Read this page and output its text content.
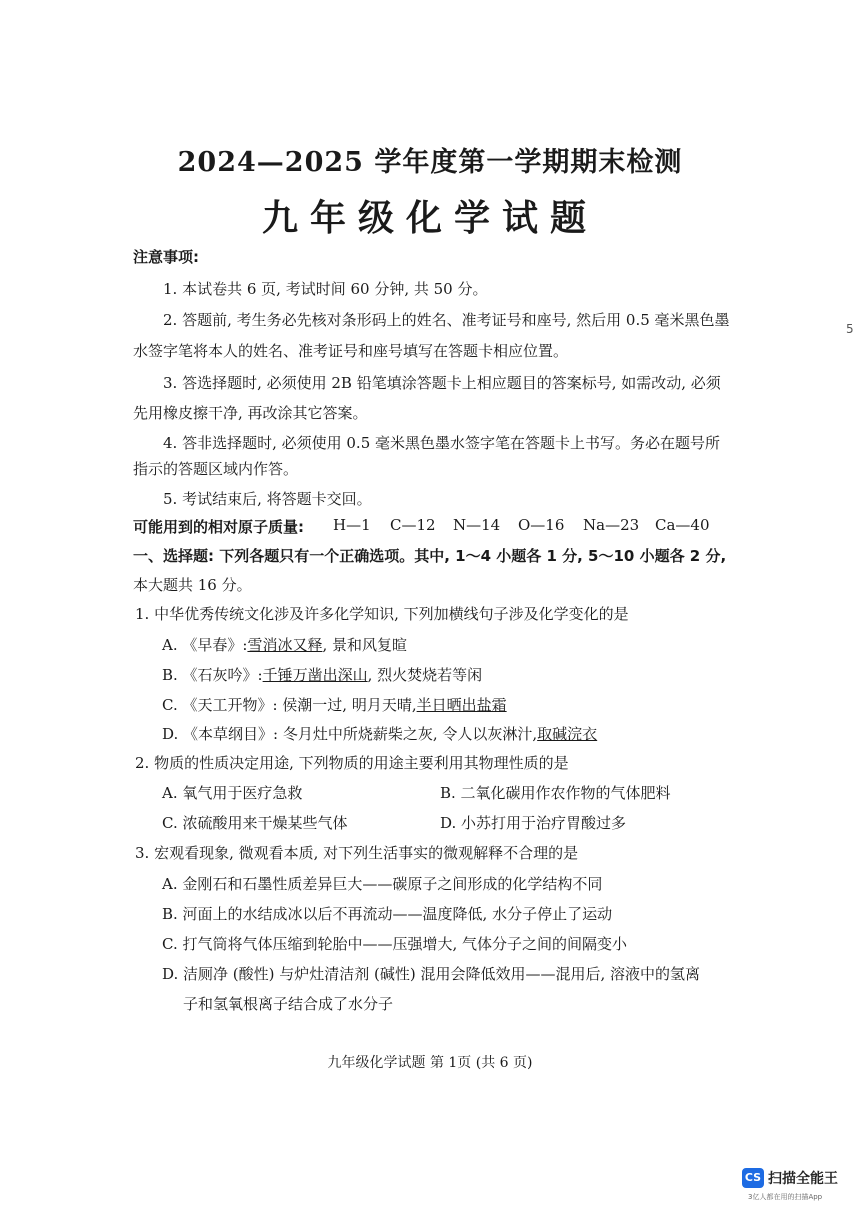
2024—2025 学年度第一学期期末检测
九年级化学试题
注意事项:
1. 本试卷共 6 页, 考试时间 60 分钟, 共 50 分。
2. 答题前, 考生务必先核对条形码上的姓名、准考证号和座号, 然后用 0.5 毫米黑色墨
水签字笔将本人的姓名、准考证号和座号填写在答题卡相应位置。
3. 答选择题时, 必须使用 2B 铅笔填涂答题卡上相应题目的答案标号, 如需改动, 必须
先用橡皮擦干净, 再改涂其它答案。
4. 答非选择题时, 必须使用 0.5 毫米黑色墨水签字笔在答题卡上书写。务必在题号所
指示的答题区域内作答。
5. 考试结束后, 将答题卡交回。
可能用到的相对原子质量: H—1 C—12 N—14 O—16 Na—23 Ca—40
一、选择题: 下列各题只有一个正确选项。其中, 1～4 小题各 1 分, 5～10 小题各 2 分,
本大题共 16 分。
1. 中华优秀传统文化涉及许多化学知识, 下列加横线句子涉及化学变化的是
A. 《早春》:雪消冰又释, 景和风复暄
B. 《石灰吟》:千锤万凿出深山, 烈火焚烧若等闲
C. 《天工开物》: 侯潮一过, 明月天晴,半日晒出盐霜
D. 《本草纲目》: 冬月灶中所烧薪柴之灰, 令人以灰淋汁,取碱浣衣
2. 物质的性质决定用途, 下列物质的用途主要利用其物理性质的是
A. 氧气用于医疗急救	B. 二氧化碳用作农作物的气体肥料
C. 浓硫酸用来干燥某些气体	D. 小苏打用于治疗胃酸过多
3. 宏观看现象, 微观看本质, 对下列生活事实的微观解释不合理的是
A. 金刚石和石墨性质差异巨大——碳原子之间形成的化学结构不同
B. 河面上的水结成冰以后不再流动——温度降低, 水分子停止了运动
C. 打气筒将气体压缩到轮胎中——压强增大, 气体分子之间的间隔变小
D. 洁厕净 (酸性) 与炉灶清洁剂 (碱性) 混用会降低效用——混用后, 溶液中的氢离
子和氢氧根离子结合成了水分子
九年级化学试题 第 1页 (共 6 页)
5
CS 扫描全能王
3亿人都在用的扫描App
